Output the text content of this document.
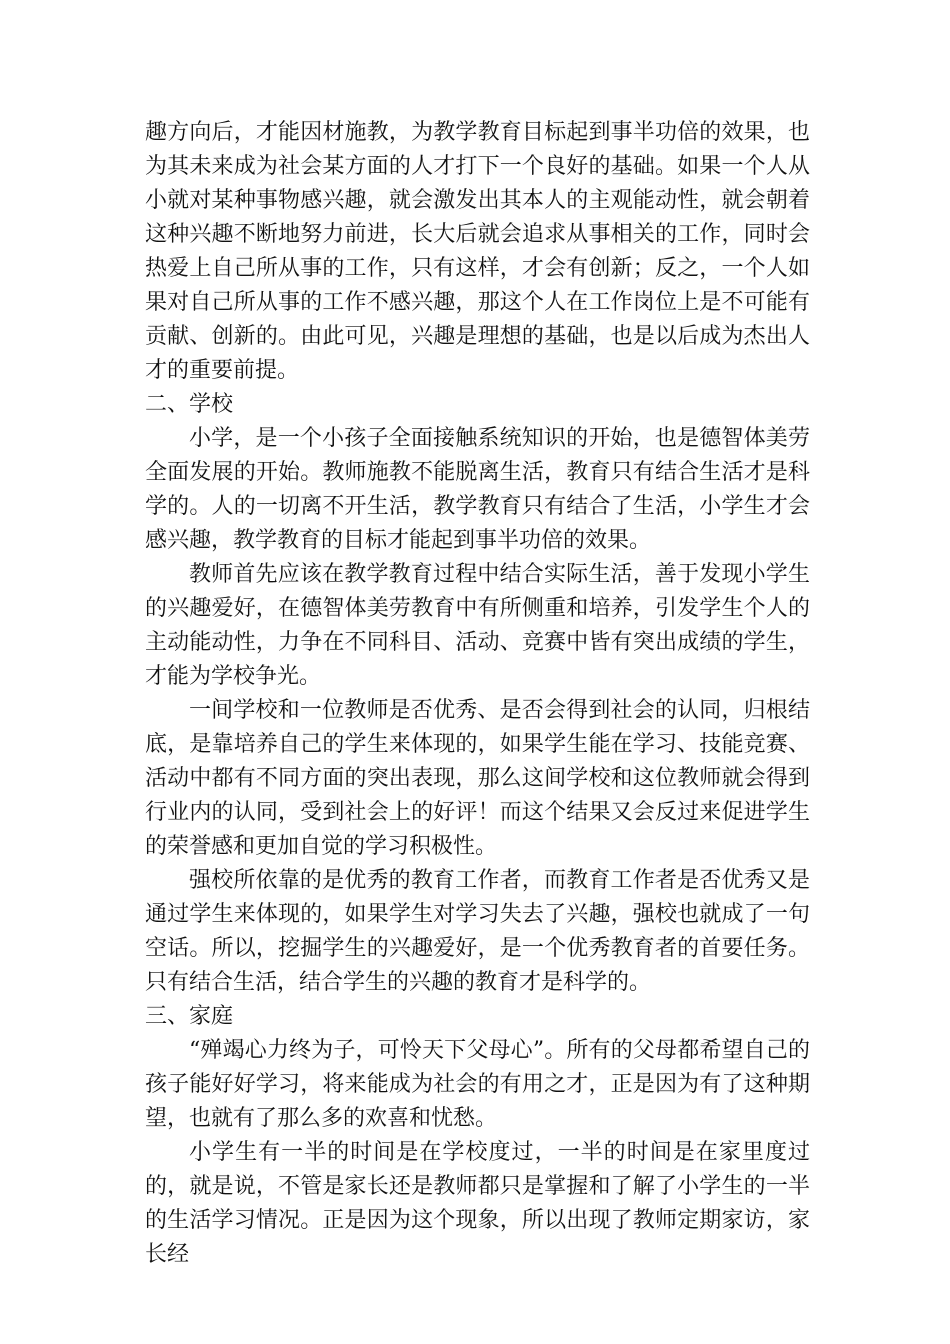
趣方向后，才能因材施教，为教学教育目标起到事半功倍的效果，也为其未来成为社会某方面的人才打下一个良好的基础。如果一个人从小就对某种事物感兴趣，就会激发出其本人的主观能动性，就会朝着这种兴趣不断地努力前进，长大后就会追求从事相关的工作，同时会热爱上自己所从事的工作，只有这样，才会有创新；反之，一个人如果对自己所从事的工作不感兴趣，那这个人在工作岗位上是不可能有贡献、创新的。由此可见，兴趣是理想的基础，也是以后成为杰出人才的重要前提。

二、学校

小学，是一个小孩子全面接触系统知识的开始，也是德智体美劳全面发展的开始。教师施教不能脱离生活，教育只有结合生活才是科学的。人的一切离不开生活，教学教育只有结合了生活，小学生才会感兴趣，教学教育的目标才能起到事半功倍的效果。

教师首先应该在教学教育过程中结合实际生活，善于发现小学生的兴趣爱好，在德智体美劳教育中有所侧重和培养，引发学生个人的主动能动性，力争在不同科目、活动、竞赛中皆有突出成绩的学生，才能为学校争光。

一间学校和一位教师是否优秀、是否会得到社会的认同，归根结底，是靠培养自己的学生来体现的，如果学生能在学习、技能竞赛、活动中都有不同方面的突出表现，那么这间学校和这位教师就会得到行业内的认同，受到社会上的好评！而这个结果又会反过来促进学生的荣誉感和更加自觉的学习积极性。

强校所依靠的是优秀的教育工作者，而教育工作者是否优秀又是通过学生来体现的，如果学生对学习失去了兴趣，强校也就成了一句空话。所以，挖掘学生的兴趣爱好，是一个优秀教育者的首要任务。只有结合生活，结合学生的兴趣的教育才是科学的。

三、家庭

“殚竭心力终为子，可怜天下父母心”。所有的父母都希望自己的孩子能好好学习，将来能成为社会的有用之才，正是因为有了这种期望，也就有了那么多的欢喜和忧愁。

小学生有一半的时间是在学校度过，一半的时间是在家里度过的，就是说，不管是家长还是教师都只是掌握和了解了小学生的一半的生活学习情况。正是因为这个现象，所以出现了教师定期家访，家长经
